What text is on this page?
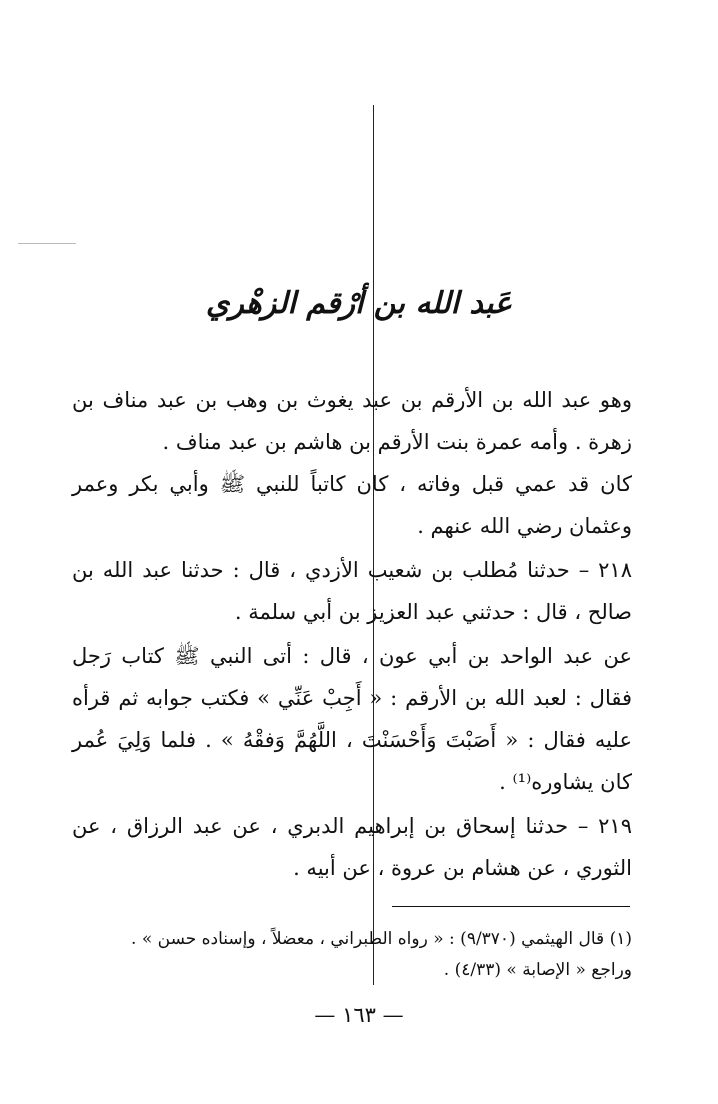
عَبد الله بن أرْقم الزهْري

وهو عبد الله بن الأرقم بن عبد يغوث بن وهب بن عبد مناف بن زهرة . وأمه عمرة بنت الأرقم بن هاشم بن عبد مناف .

كان قد عمي قبل وفاته ، كان كاتباً للنبي ﷺ وأبي بكر وعمر وعثمان رضي الله عنهم .

٢١٨ – حدثنا مُطلب بن شعيب الأزدي ، قال : حدثنا عبد الله بن صالح ، قال : حدثني عبد العزيز بن أبي سلمة .

عن عبد الواحد بن أبي عون ، قال : أتى النبي ﷺ كتاب رَجل فقال : لعبد الله بن الأرقم : « أَجِبْ عَنِّي » فكتب جوابه ثم قرأه عليه فقال : « أَصَبْتَ وَأَحْسَنْتَ ، اللَّهُمَّ وَفقْهُ » . فلما وَلِيَ عُمر كان يشاوره⁽¹⁾ .

٢١٩ – حدثنا إسحاق بن إبراهيم الدبري ، عن عبد الرزاق ، عن الثوري ، عن هشام بن عروة ، عن أبيه .

(١) قال الهيثمي (٩/٣٧٠) : « رواه الطبراني ، معضلاً ، وإسناده حسن » .

وراجع « الإصابة » (٤/٣٣) .

— ١٦٣ —
